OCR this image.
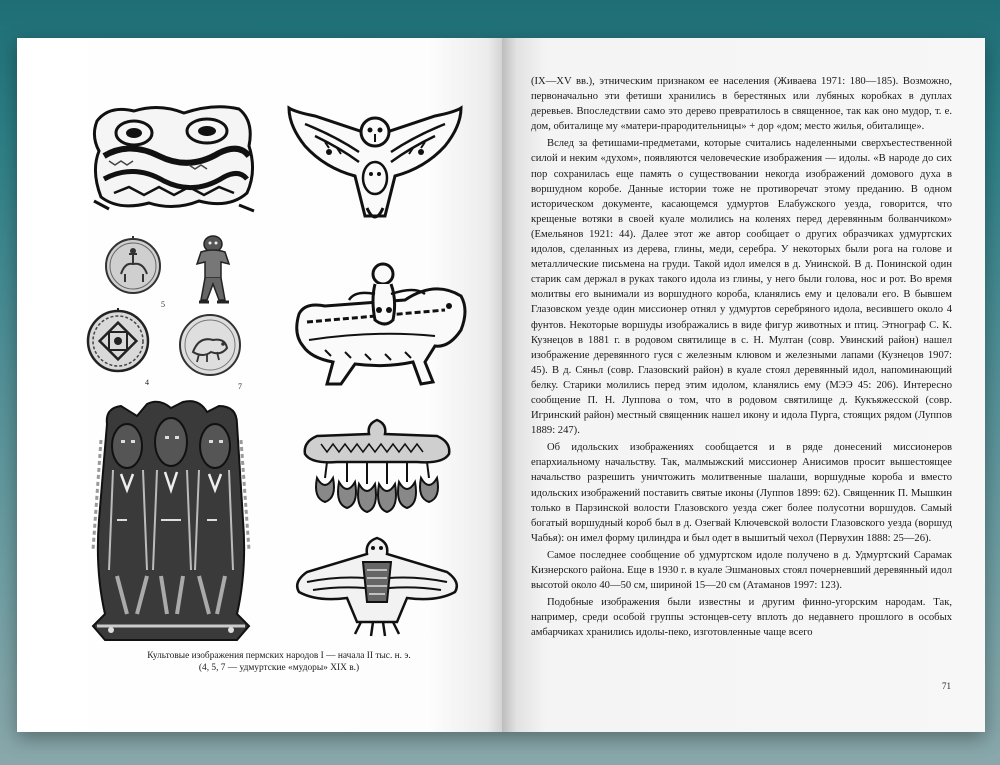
5
4	7
Культовые изображения пермских народов I — начала II тыс. н. э.
(4, 5, 7 — удмуртские «мудоры» XIX в.)

(IX—XV вв.), этническим признаком ее населения (Живаева 1971: 180—185). Возможно, первоначально эти фетиши хранились в берестяных или лубяных коробках в дуплах деревьев. Впоследствии само это дерево превратилось в священное, так как оно мудор, т. е. дом, обиталище му «матери-прародительницы» + дор «дом; место жилья, обиталище».

Вслед за фетишами-предметами, которые считались наделенными сверхъестественной силой и неким «духом», появляются человеческие изображения — идолы. «В народе до сих пор сохранилась еще память о существовании некогда изображений домового духа в воршудном коробе. Данные истории тоже не противоречат этому преданию. В одном историческом документе, касающемся удмуртов Елабужского уезда, говорится, что крещеные вотяки в своей куале молились на коленях перед деревянным болванчиком» (Емельянов 1921: 44). Далее этот же автор сообщает о других образчиках удмуртских идолов, сделанных из дерева, глины, меди, серебра. У некоторых были рога на голове и металлические письмена на груди. Такой идол имелся в д. Унинской. В д. Понинской один старик сам держал в руках такого идола из глины, у него были голова, нос и рот. Во время молитвы его вынимали из воршудного короба, кланялись ему и целовали его. В бывшем Глазовском уезде один миссионер отнял у удмуртов серебряного идола, весившего около 4 фунтов. Некоторые воршуды изображались в виде фигур животных и птиц. Этнограф С. К. Кузнецов в 1881 г. в родовом святилище в с. Н. Мултан (совр. Увинский район) нашел изображение деревянного гуся с железным клювом и железными лапами (Кузнецов 1907: 45). В д. Сяньл (совр. Глазовский район) в куале стоял деревянный идол, напоминающий белку. Старики молились перед этим идолом, кланялись ему (МЭЭ 45: 206). Интересно сообщение П. Н. Луппова о том, что в родовом святилище д. Кукъяжесской (совр. Игринский район) местный священник нашел икону и идола Пурга, стоящих рядом (Луппов 1889: 247).

Об идольских изображениях сообщается и в ряде донесений миссионеров епархиальному начальству. Так, малмыжский миссионер Анисимов просит вышестоящее начальство разрешить уничтожить молитвенные шалаши, воршудные короба и вместо идольских изображений поставить святые иконы (Луппов 1899: 62). Священник П. Мышкин только в Парзинской волости Глазовского уезда сжег более полусотни воршудов. Самый богатый воршудный короб был в д. Озегвай Ключевской волости Глазовского уезда (воршуд Чабья): он имел форму цилиндра и был одет в вышитый чехол (Первухин 1888: 25—26).

Самое последнее сообщение об удмуртском идоле получено в д. Удмуртский Сарамак Кизнерского района. Еще в 1930 г. в куале Эшмановых стоял почерневший деревянный идол высотой около 40—50 см, шириной 15—20 см (Атаманов 1997: 123).

Подобные изображения были известны и другим финно-угорским народам. Так, например, среди особой группы эстонцев-сету вплоть до недавнего прошлого в особых амбарчиках хранились идолы-пеко, изготовленные чаще всего

71
